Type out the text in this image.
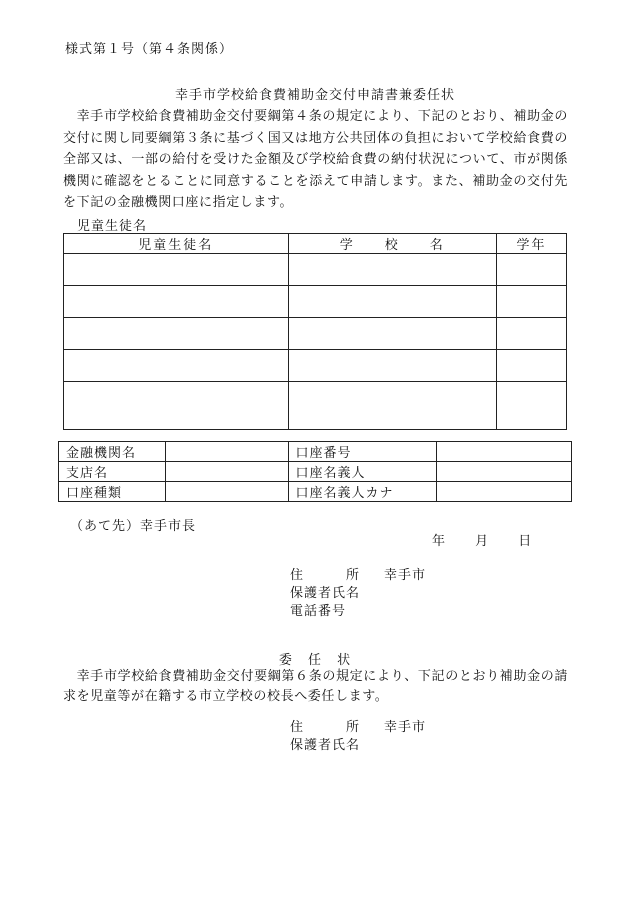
様式第１号（第４条関係）
幸手市学校給食費補助金交付申請書兼委任状
　幸手市学校給食費補助金交付要綱第４条の規定により、下記のとおり、補助金の交付に関し同要綱第３条に基づく国又は地方公共団体の負担において学校給食費の全部又は、一部の給付を受けた金額及び学校給食費の納付状況について、市が関係機関に確認をとることに同意することを添えて申請します。また、補助金の交付先を下記の金融機関口座に指定します。
児童生徒名
児童生徒名	学　　校　　名	学年

金融機関名		口座番号	
支店名		口座名義人	
口座種類		口座名義人カナ	
（あて先）幸手市長
年 月 日
住　　　所 幸手市
保護者氏名
電話番号
委 任 状
　幸手市学校給食費補助金交付要綱第６条の規定により、下記のとおり補助金の請求を児童等が在籍する市立学校の校長へ委任します。
住　　　所 幸手市
保護者氏名
